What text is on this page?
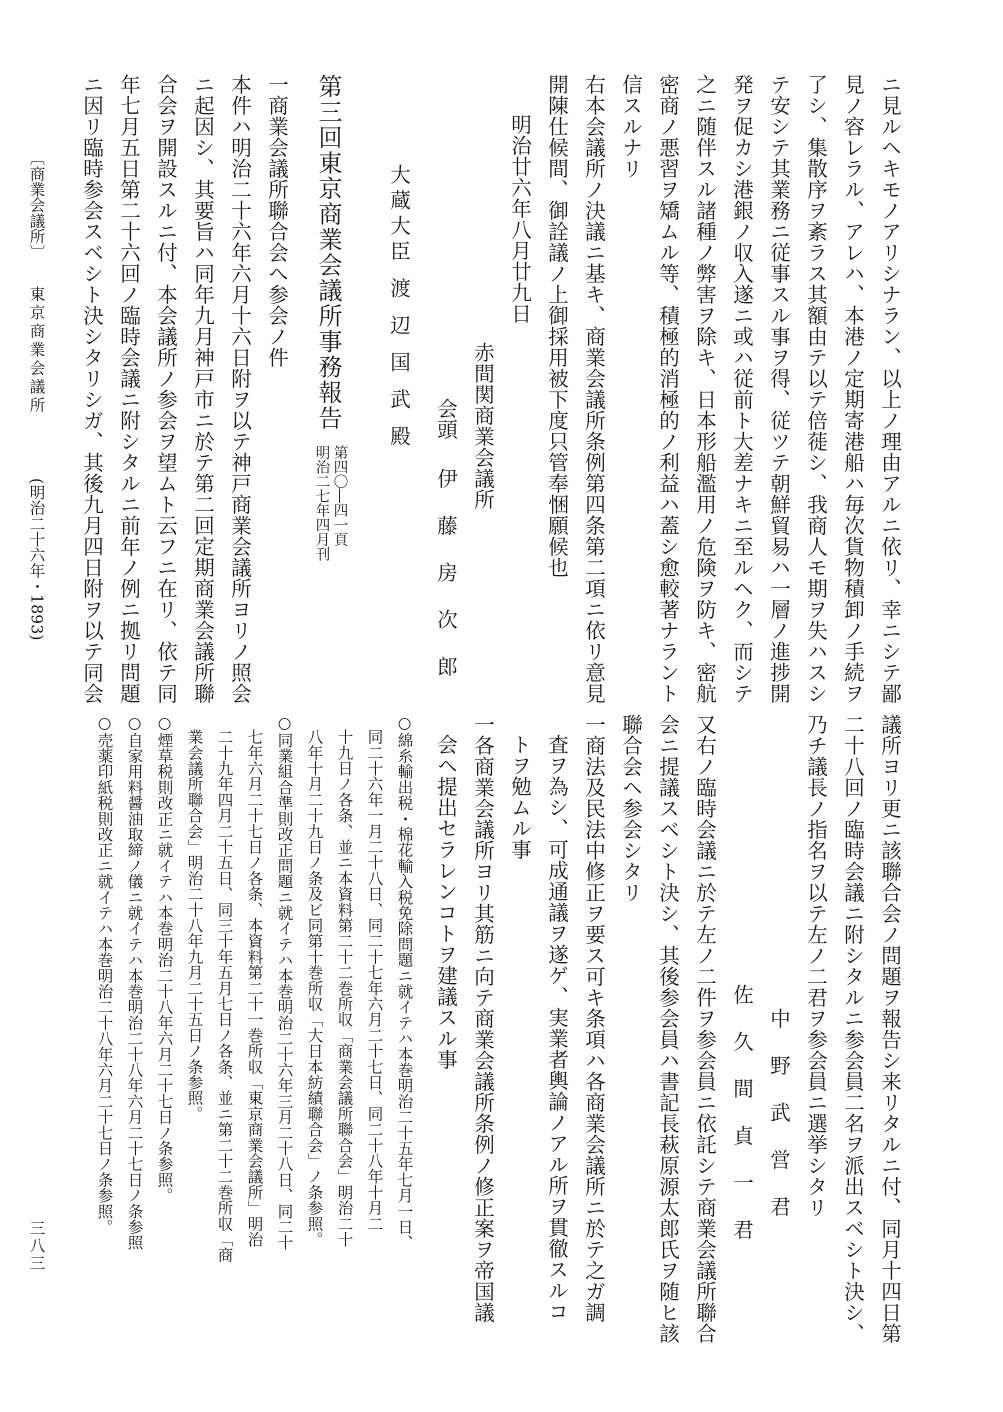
ニ見ルヘキモノアリシナラン、以上ノ理由アルニ依リ、幸ニシテ鄙
見ノ容レラル、アレハ、本港ノ定期寄港船ハ毎次貨物積卸ノ手続ヲ
了シ、集散序ヲ紊ラス其額由テ以テ倍蓰シ、我商人モ期ヲ失ハスシ
テ安シテ其業務ニ従事スル事ヲ得、従ツテ朝鮮貿易ハ一層ノ進捗開
発ヲ促カシ港銀ノ収入遂ニ或ハ従前ト大差ナキニ至ルヘク、而シテ
之ニ随伴スル諸種ノ弊害ヲ除キ、日本形船濫用ノ危険ヲ防キ、密航
密商ノ悪習ヲ矯ムル等、積極的消極的ノ利益ハ蓋シ愈較著ナラント
信スルナリ
右本会議所ノ決議ニ基キ、商業会議所条例第四条第二項ニ依リ意見
開陳仕候間、御詮議ノ上御採用被下度只管奉悃願候也
明治廿六年八月廿九日
赤間関商業会議所
会頭
伊 藤 房 次 郎
大蔵大臣 渡 辺 国 武 殿
第三回東京商業会議所事務報告
第四〇―四一頁
明治二七年四月刊
一商業会議所聯合会へ参会ノ件
本件ハ明治二十六年六月十六日附ヲ以テ神戸商業会議所ヨリノ照会
ニ起因シ、其要旨ハ同年九月神戸市ニ於テ第二回定期商業会議所聯
合会ヲ開設スルニ付、本会議所ノ参会ヲ望ムト云フニ在リ、依テ同
年七月五日第二十六回ノ臨時会議ニ附シタルニ前年ノ例ニ拠リ問題
ニ因リ臨時参会スベシト決シタリシガ、其後九月四日附ヲ以テ同会
〔商業会議所〕
東京商業会議所
(明治二十六年・1893)
議所ヨリ更ニ該聯合会ノ問題ヲ報告シ来リタルニ付、同月十四日第
二十八回ノ臨時会議ニ附シタルニ参会員二名ヲ派出スベシト決シ、
乃チ議長ノ指名ヲ以テ左ノ二君ヲ参会員ニ選挙シタリ
中 野 武 営 君
佐 久 間 貞 一 君
又右ノ臨時会議ニ於テ左ノ二件ヲ参会員ニ依託シテ商業会議所聯合
会ニ提議スベシト決シ、其後参会員ハ書記長萩原源太郎氏ヲ随ヒ該
聯合会ヘ参会シタリ
一商法及民法中修正ヲ要ス可キ条項ハ各商業会議所ニ於テ之ガ調
査ヲ為シ、可成通議ヲ遂ゲ、実業者輿論ノアル所ヲ貫徹スルコ
トヲ勉ムル事
一各商業会議所ヨリ其筋ニ向テ商業会議所条例ノ修正案ヲ帝国議
会ヘ提出セラレンコトヲ建議スル事
○綿糸輸出税・棉花輸入税免除問題ニ就イテハ本巻明治二十五年七月一日、
同二十六年一月二十八日、同二十七年六月二十七日、同二十八年十月二
十九日ノ各条、並ニ本資料第二十二巻所収「商業会議所聯合会」明治二十
八年十月二十九日ノ条及ビ同第十巻所収「大日本紡績聯合会」ノ条参照。
○同業組合準則改正問題ニ就イテハ本巻明治二十六年三月二十八日、同二十
七年六月二十七日ノ各条、本資料第二十一巻所収「東京商業会議所」明治
二十九年四月二十五日、同三十年五月七日ノ各条、並ニ第二十二巻所収「商
業会議所聯合会」明治二十八年九月二十五日ノ条参照。
○煙草税則改正ニ就イテハ本巻明治二十八年六月二十七日ノ条参照。
○自家用料醤油取締ノ儀ニ就イテハ本巻明治二十八年六月二十七日ノ条参照
○売薬印紙税則改正ニ就イテハ本巻明治二十八年六月二十七日ノ条参照。
三八三
